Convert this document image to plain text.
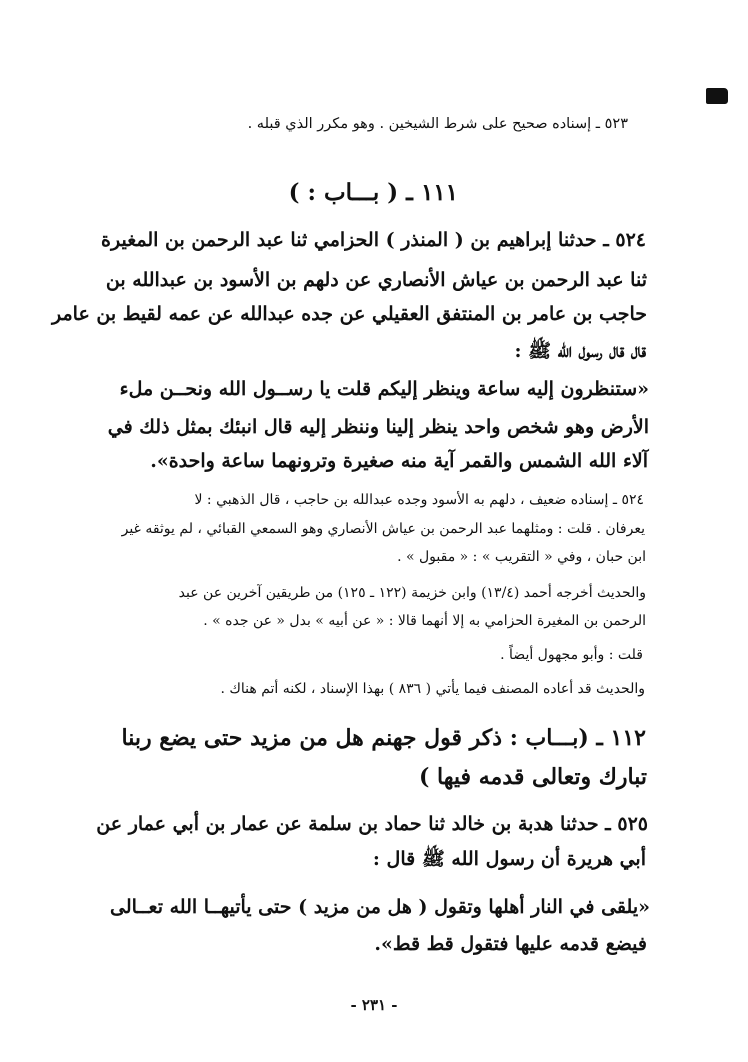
٥٢٣ ـ إسناده صحيح على شرط الشيخين . وهو مكرر الذي قبله .
١١١ ـ ( بـــاب : )
٥٢٤ ـ حدثنا إبراهيم بن ( المنذر ) الحزامي ثنا عبد الرحمن بن المغيرة
ثنا عبد الرحمن بن عياش الأنصاري عن دلهم بن الأسود بن عبدالله بن
حاجب بن عامر بن المنتفق العقيلي عن جده عبدالله عن عمه لقيط بن عامر
قال قال رسول الله ﷺ :
«ستنظرون إليه ساعة وينظر إليكم قلت يا رســول الله ونحــن ملء
الأرض وهو شخص واحد ينظر إلينا وننظر إليه قال انبئك بمثل ذلك في
آلاء الله الشمس والقمر آية منه صغيرة وترونهما ساعة واحدة».
٥٢٤ ـ إسناده ضعيف ، دلهم به الأسود وجده عبدالله بن حاجب ، قال الذهبي : لا
يعرفان . قلت : ومثلهما عبد الرحمن بن عياش الأنصاري وهو السمعي القبائي ، لم يوثقه غير
ابن حبان ، وفي « التقريب » : « مقبول » .
والحديث أخرجه أحمد (١٣/٤) وابن خزيمة (١٢٢ ـ ١٢٥) من طريقين آخرين عن عبد
الرحمن بن المغيرة الحزامي به إلا أنهما قالا : « عن أبيه » بدل « عن جده » .
قلت : وأبو مجهول أيضاً .
والحديث قد أعاده المصنف فيما يأتي ( ٨٣٦ ) بهذا الإسناد ، لكنه أتم هناك .
١١٢ ـ (بـــاب : ذكر قول جهنم هل من مزيد حتى يضع ربنا
تبارك وتعالى قدمه فيها )
٥٢٥ ـ حدثنا هدبة بن خالد ثنا حماد بن سلمة عن عمار بن أبي عمار عن
أبي هريرة أن رسول الله ﷺ قال :
«يلقى في النار أهلها وتقول ( هل من مزيد ) حتى يأتيهــا الله تعــالى
فيضع قدمه عليها فتقول قط قط».
- ٢٣١ -
